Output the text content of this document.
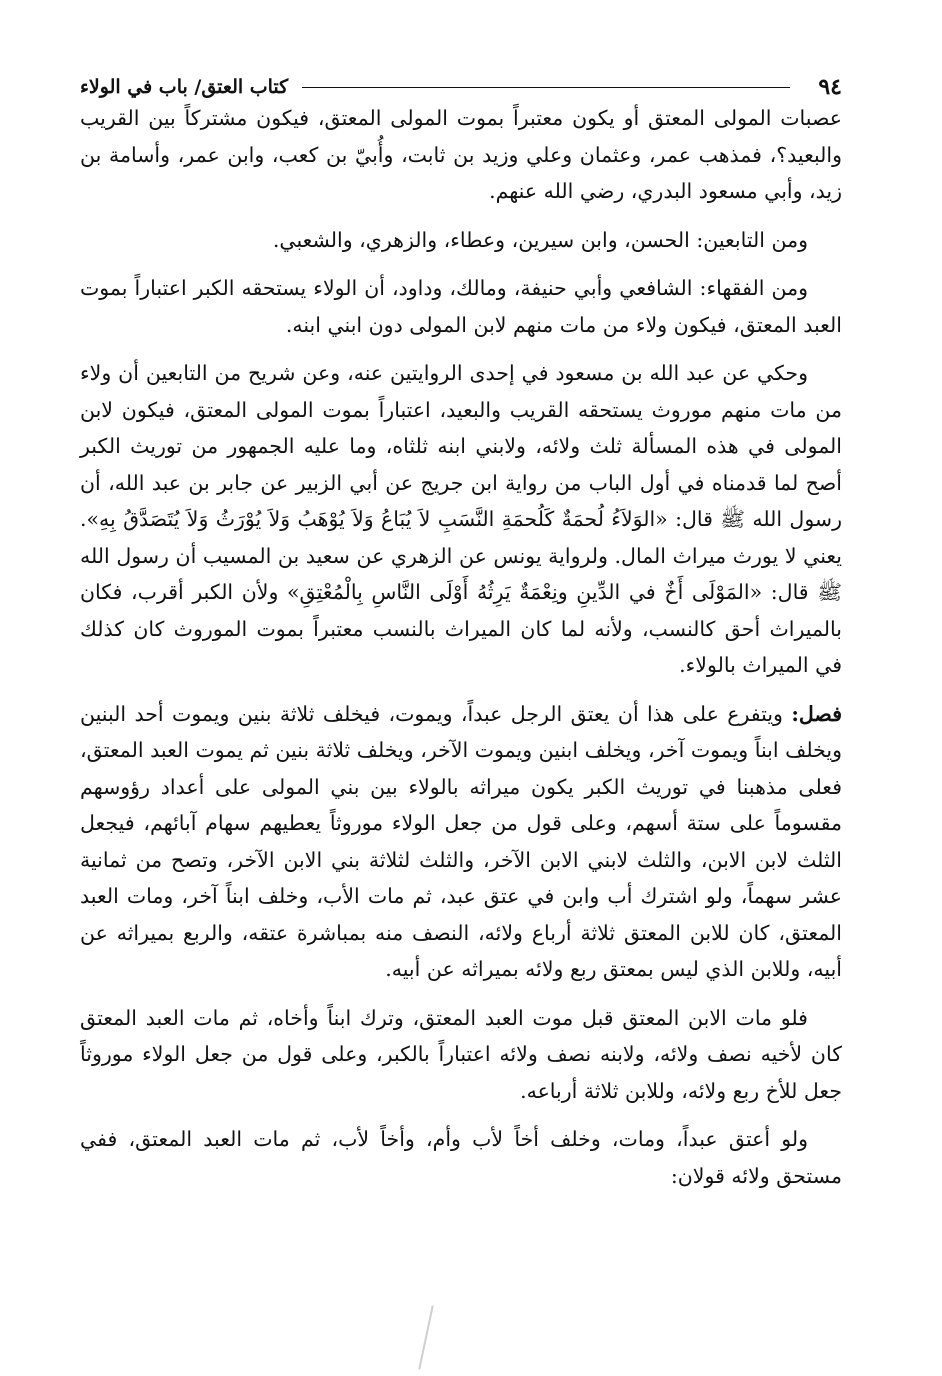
٩٤
كتاب العتق/ باب في الولاء

عصبات المولى المعتق أو يكون معتبراً بموت المولى المعتق، فيكون مشتركاً بين القريب والبعيد؟، فمذهب عمر، وعثمان وعلي وزيد بن ثابت، وأُبيّ بن كعب، وابن عمر، وأسامة بن زيد، وأبي مسعود البدري، رضي الله عنهم.

ومن التابعين: الحسن، وابن سيرين، وعطاء، والزهري، والشعبي.

ومن الفقهاء: الشافعي وأبي حنيفة، ومالك، وداود، أن الولاء يستحقه الكبر اعتباراً بموت العبد المعتق، فيكون ولاء من مات منهم لابن المولى دون ابني ابنه.

وحكي عن عبد الله بن مسعود في إحدى الروايتين عنه، وعن شريح من التابعين أن ولاء من مات منهم موروث يستحقه القريب والبعيد، اعتباراً بموت المولى المعتق، فيكون لابن المولى في هذه المسألة ثلث ولائه، ولابني ابنه ثلثاه، وما عليه الجمهور من توريث الكبر أصح لما قدمناه في أول الباب من رواية ابن جريج عن أبي الزبير عن جابر بن عبد الله، أن رسول الله ﷺ قال: «الوَلاَءُ لُحمَةٌ كَلُحمَةِ النَّسَبِ لاَ يُبَاعُ وَلاَ يُوْهَبُ وَلاَ يُوْرَثُ وَلاَ يُتَصَدَّقُ بِهِ». يعني لا يورث ميراث المال. ولرواية يونس عن الزهري عن سعيد بن المسيب أن رسول الله ﷺ قال: «المَوْلَى أَخٌ في الدِّينِ ونِعْمَةٌ يَرِثُهُ أَوْلَى النَّاسِ بِالْمُعْتِقِ» ولأن الكبر أقرب، فكان بالميراث أحق كالنسب، ولأنه لما كان الميراث بالنسب معتبراً بموت الموروث كان كذلك في الميراث بالولاء.

فصل: ويتفرع على هذا أن يعتق الرجل عبداً، ويموت، فيخلف ثلاثة بنين ويموت أحد البنين ويخلف ابناً ويموت آخر، ويخلف ابنين ويموت الآخر، ويخلف ثلاثة بنين ثم يموت العبد المعتق، فعلى مذهبنا في توريث الكبر يكون ميراثه بالولاء بين بني المولى على أعداد رؤوسهم مقسوماً على ستة أسهم، وعلى قول من جعل الولاء موروثاً يعطيهم سهام آبائهم، فيجعل الثلث لابن الابن، والثلث لابني الابن الآخر، والثلث لثلاثة بني الابن الآخر، وتصح من ثمانية عشر سهماً، ولو اشترك أب وابن في عتق عبد، ثم مات الأب، وخلف ابناً آخر، ومات العبد المعتق، كان للابن المعتق ثلاثة أرباع ولائه، النصف منه بمباشرة عتقه، والربع بميراثه عن أبيه، وللابن الذي ليس بمعتق ربع ولائه بميراثه عن أبيه.

فلو مات الابن المعتق قبل موت العبد المعتق، وترك ابناً وأخاه، ثم مات العبد المعتق كان لأخيه نصف ولائه، ولابنه نصف ولائه اعتباراً بالكبر، وعلى قول من جعل الولاء موروثاً جعل للأخ ربع ولائه، وللابن ثلاثة أرباعه.

ولو أعتق عبداً، ومات، وخلف أخاً لأب وأم، وأخاً لأب، ثم مات العبد المعتق، ففي مستحق ولائه قولان:
